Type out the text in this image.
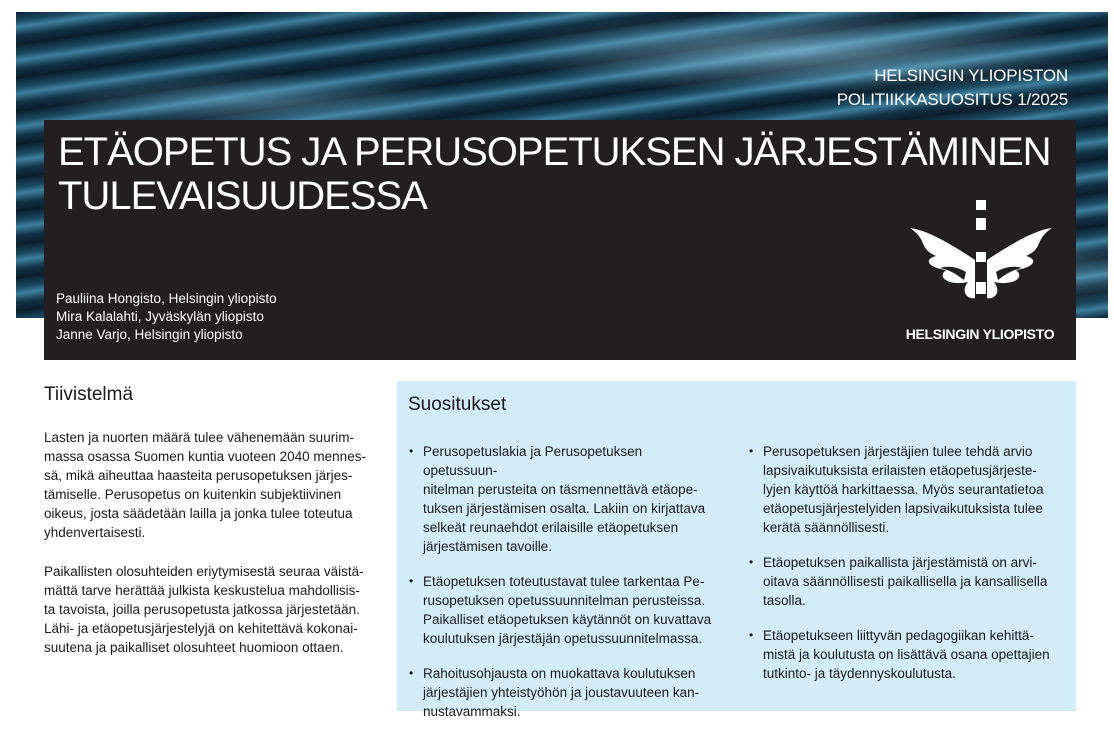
HELSINGIN YLIOPISTON
POLITIIKKASUOSITUS 1/2025
ETÄOPETUS JA PERUSOPETUKSEN JÄRJESTÄMINEN
TULEVAISUUDESSA
Pauliina Hongisto, Helsingin yliopisto
Mira Kalalahti, Jyväskylän yliopisto
Janne Varjo, Helsingin yliopisto	HELSINGIN YLIOPISTO
Tiivistelmä

Lasten ja nuorten määrä tulee vähenemään suurim-
massa osassa Suomen kuntia vuoteen 2040 mennes-
sä, mikä aiheuttaa haasteita perusopetuksen järjes-
tämiselle. Perusopetus on kuitenkin subjektiivinen
oikeus, josta säädetään lailla ja jonka tulee toteutua
yhdenvertaisesti.

Paikallisten olosuhteiden eriytymisestä seuraa väistä-
mättä tarve herättää julkista keskustelua mahdollisis-
ta tavoista, joilla perusopetusta jatkossa järjestetään.
Lähi- ja etäopetusjärjestelyjä on kehitettävä kokonai-
suutena ja paikalliset olosuhteet huomioon ottaen.

Suositukset
• Perusopetuslakia ja Perusopetuksen opetussuun-
nitelman perusteita on täsmennettävä etäope-
tuksen järjestämisen osalta. Lakiin on kirjattava
selkeät reunaehdot erilaisille etäopetuksen
järjestämisen tavoille.
• Etäopetuksen toteutustavat tulee tarkentaa Pe-
rusopetuksen opetussuunnitelman perusteissa.
Paikalliset etäopetuksen käytännöt on kuvattava
koulutuksen järjestäjän opetussuunnitelmassa.
• Rahoitusohjausta on muokattava koulutuksen
järjestäjien yhteistyöhön ja joustavuuteen kan-
nustavammaksi.
• Perusopetuksen järjestäjien tulee tehdä arvio
lapsivaikutuksista erilaisten etäopetusjärjeste-
lyjen käyttöä harkittaessa. Myös seurantatietoa
etäopetusjärjestelyiden lapsivaikutuksista tulee
kerätä säännöllisesti.
• Etäopetuksen paikallista järjestämistä on arvi-
oitava säännöllisesti paikallisella ja kansallisella
tasolla.
• Etäopetukseen liittyvän pedagogiikan kehittä-
mistä ja koulutusta on lisättävä osana opettajien
tutkinto- ja täydennyskoulutusta.
